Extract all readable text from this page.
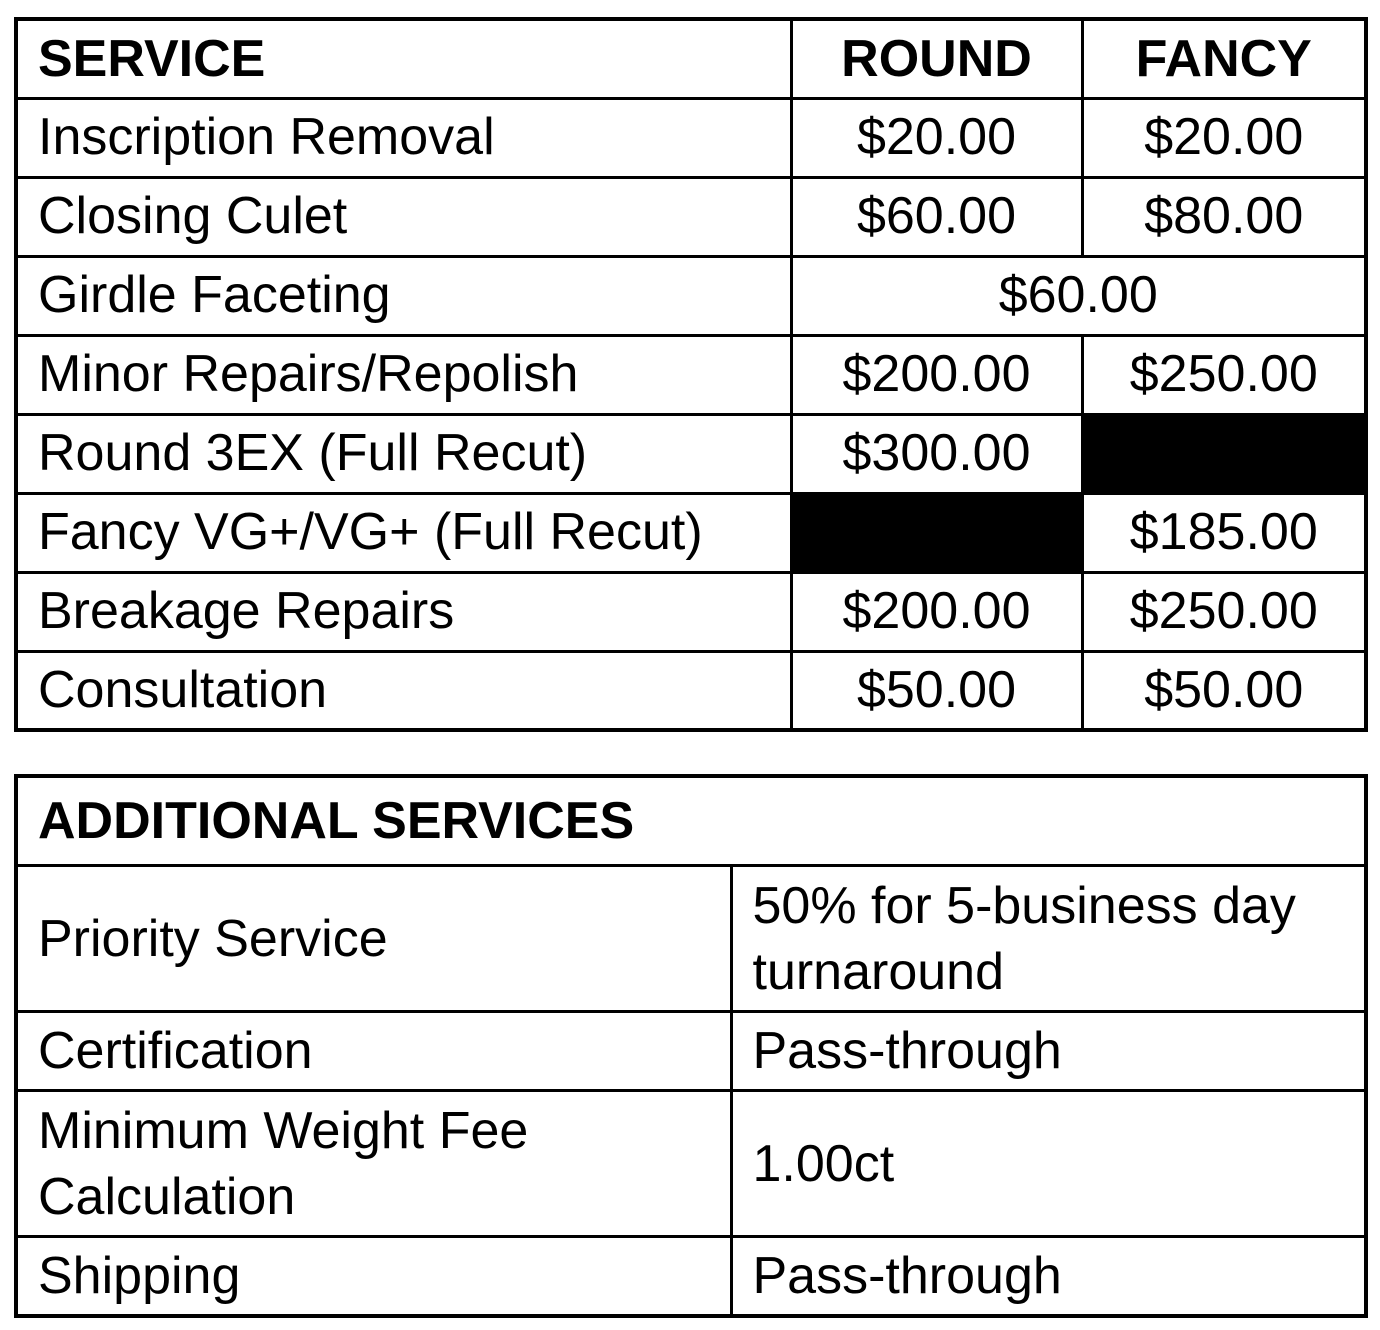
SERVICE	ROUND	FANCY
Inscription Removal	$20.00	$20.00
Closing Culet	$60.00	$80.00
Girdle Faceting	$60.00	
Minor Repairs/Repolish	$200.00	$250.00
Round 3EX (Full Recut)	$300.00	
Fancy VG+/VG+ (Full Recut)		$185.00
Breakage Repairs	$200.00	$250.00
Consultation	$50.00	$50.00
ADDITIONAL SERVICES	
Priority Service	50% for 5-business day turnaround
Certification	Pass-through
Minimum Weight Fee Calculation	1.00ct
Shipping	Pass-through
